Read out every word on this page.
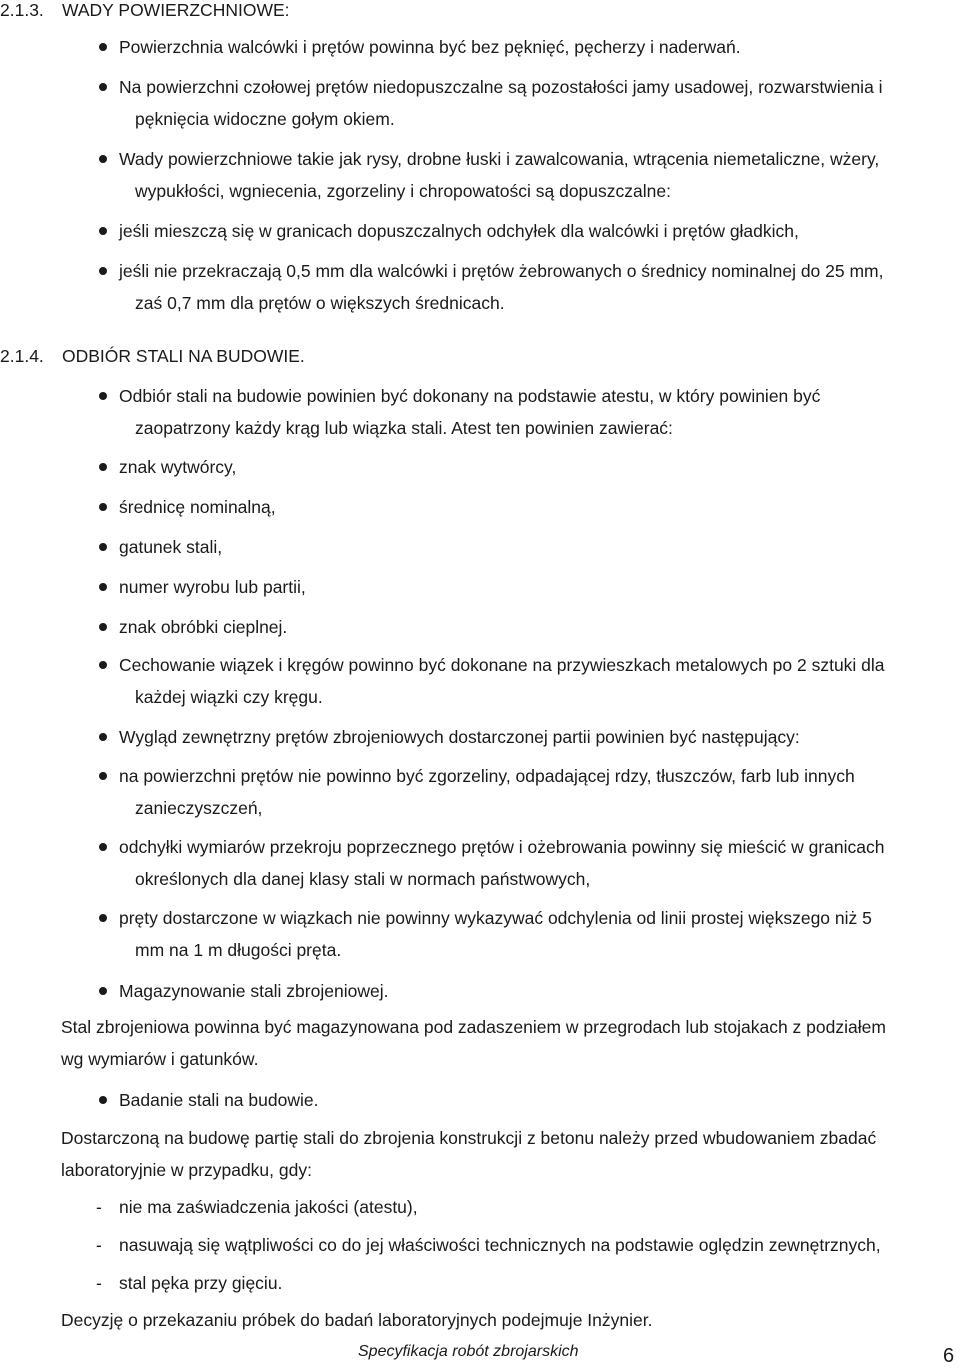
2.1.3. WADY POWIERZCHNIOWE:
Powierzchnia walcówki i prętów powinna być bez pęknięć, pęcherzy i naderwań.
Na powierzchni czołowej prętów niedopuszczalne są pozostałości jamy usadowej, rozwarstwienia i
pęknięcia widoczne gołym okiem.
Wady powierzchniowe takie jak rysy, drobne łuski i zawalcowania, wtrącenia niemetaliczne, wżery,
wypukłości, wgniecenia, zgorzeliny i chropowatości są dopuszczalne:
jeśli mieszczą się w granicach dopuszczalnych odchyłek dla walcówki i prętów gładkich,
jeśli nie przekraczają 0,5 mm dla walcówki i prętów żebrowanych o średnicy nominalnej do 25 mm,
zaś 0,7 mm dla prętów o większych średnicach.
2.1.4. ODBIÓR STALI NA BUDOWIE.
Odbiór stali na budowie powinien być dokonany na podstawie atestu, w który powinien być
zaopatrzony każdy krąg lub wiązka stali. Atest ten powinien zawierać:
znak wytwórcy,
średnicę nominalną,
gatunek stali,
numer wyrobu lub partii,
znak obróbki cieplnej.
Cechowanie wiązek i kręgów powinno być dokonane na przywieszkach metalowych po 2 sztuki dla
każdej wiązki czy kręgu.
Wygląd zewnętrzny prętów zbrojeniowych dostarczonej partii powinien być następujący:
na powierzchni prętów nie powinno być zgorzeliny, odpadającej rdzy, tłuszczów, farb lub innych
zanieczyszczeń,
odchyłki wymiarów przekroju poprzecznego prętów i ożebrowania powinny się mieścić w granicach
określonych dla danej klasy stali w normach państwowych,
pręty dostarczone w wiązkach nie powinny wykazywać odchylenia od linii prostej większego niż 5
mm na 1 m długości pręta.
Magazynowanie stali zbrojeniowej.
Stal zbrojeniowa powinna być magazynowana pod zadaszeniem w przegrodach lub stojakach z podziałem
wg wymiarów i gatunków.
Badanie stali na budowie.
Dostarczoną na budowę partię stali do zbrojenia konstrukcji z betonu należy przed wbudowaniem zbadać
laboratoryjnie w przypadku, gdy:
- nie ma zaświadczenia jakości (atestu),
- nasuwają się wątpliwości co do jej właściwości technicznych na podstawie oględzin zewnętrznych,
- stal pęka przy gięciu.
Decyzję o przekazaniu próbek do badań laboratoryjnych podejmuje Inżynier.
Specyfikacja robót zbrojarskich	6
